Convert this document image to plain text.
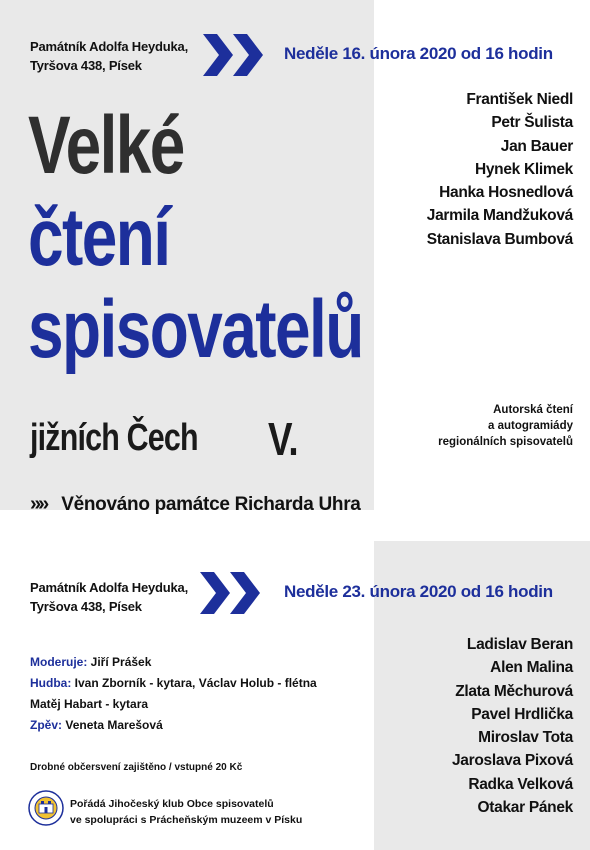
Památník Adolfa Heyduka,
Tyršova 438, Písek
Neděle 16. února 2020 od 16 hodin
František Niedl
Petr Šulista
Jan Bauer
Hynek Klimek
Hanka Hosnedlová
Jarmila Mandžuková
Stanislava Bumbová
Velké
čtení
spisovatelů
jižních Čech V.
Autorská čtení
a autogramiády
regionálních spisovatelů
»» Věnováno památce Richarda Uhra
Památník Adolfa Heyduka,
Tyršova 438, Písek
Neděle 23. února 2020 od 16 hodin
Ladislav Beran
Alen Malina
Zlata Měchurová
Pavel Hrdlička
Miroslav Tota
Jaroslava Pixová
Radka Velková
Otakar Pánek
Moderuje: Jiří Prášek
Hudba: Ivan Zborník - kytara, Václav Holub - flétna
Matěj Habart - kytara
Zpěv: Veneta Marešová
Drobné občersvení zajištěno / vstupné 20 Kč
Pořádá Jihočeský klub Obce spisovatelů
ve spolupráci s Prácheňským muzeem v Písku
